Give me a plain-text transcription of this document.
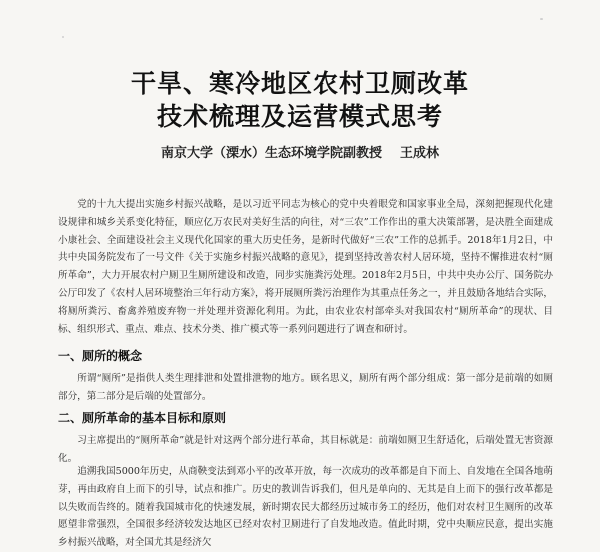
干旱、寒冷地区农村卫厕改革
技术梳理及运营模式思考
南京大学（溧水）生态环境学院副教授 王成林
党的十九大提出实施乡村振兴战略，是以习近平同志为核心的党中央着眼党和国家事业全局，深刻把握现代化建设规律和城乡关系变化特征，顺应亿万农民对美好生活的向往，对“三农”工作作出的重大决策部署，是决胜全面建成小康社会、全面建设社会主义现代化国家的重大历史任务，是新时代做好“三农”工作的总抓手。2018年1月2日，中共中央国务院发布了一号文件《关于实施乡村振兴战略的意见》，提到坚持改善农村人居环境，坚持不懈推进农村“厕所革命”，大力开展农村户厕卫生厕所建设和改造，同步实施粪污处理。2018年2月5日，中共中央办公厅、国务院办公厅印发了《农村人居环境整治三年行动方案》，将开展厕所粪污治理作为其重点任务之一，并且鼓励各地结合实际，将厕所粪污、畜禽养殖废弃物一并处理并资源化利用。为此，由农业农村部牵头对我国农村“厕所革命”的现状、目标、组织形式、重点、难点、技术分类、推广模式等一系列问题进行了调查和研讨。
一、厕所的概念
所谓“厕所”是指供人类生理排泄和处置排泄物的地方。顾名思义，厕所有两个部分组成：第一部分是前端的如厕部分，第二部分是后端的处置部分。
二、厕所革命的基本目标和原则
习主席提出的“厕所革命”就是针对这两个部分进行革命，其目标就是：前端如厕卫生舒适化，后端处置无害资源化。
追溯我国5000年历史，从商鞅变法到邓小平的改革开放，每一次成功的改革都是自下而上、自发地在全国各地萌芽，再由政府自上而下的引导，试点和推广。历史的教训告诉我们，但凡是单向的、无其是自上而下的强行改革都是以失败而告终的。随着我国城市化的快速发展，新时期农民大都经历过城市务工的经历，他们对农村卫生厕所的改革愿望非常强烈，全国很多经济较发达地区已经对农村卫厕进行了自发地改造。值此时期，党中央顺应民意，提出实施乡村振兴战略，对全国尤其是经济欠
